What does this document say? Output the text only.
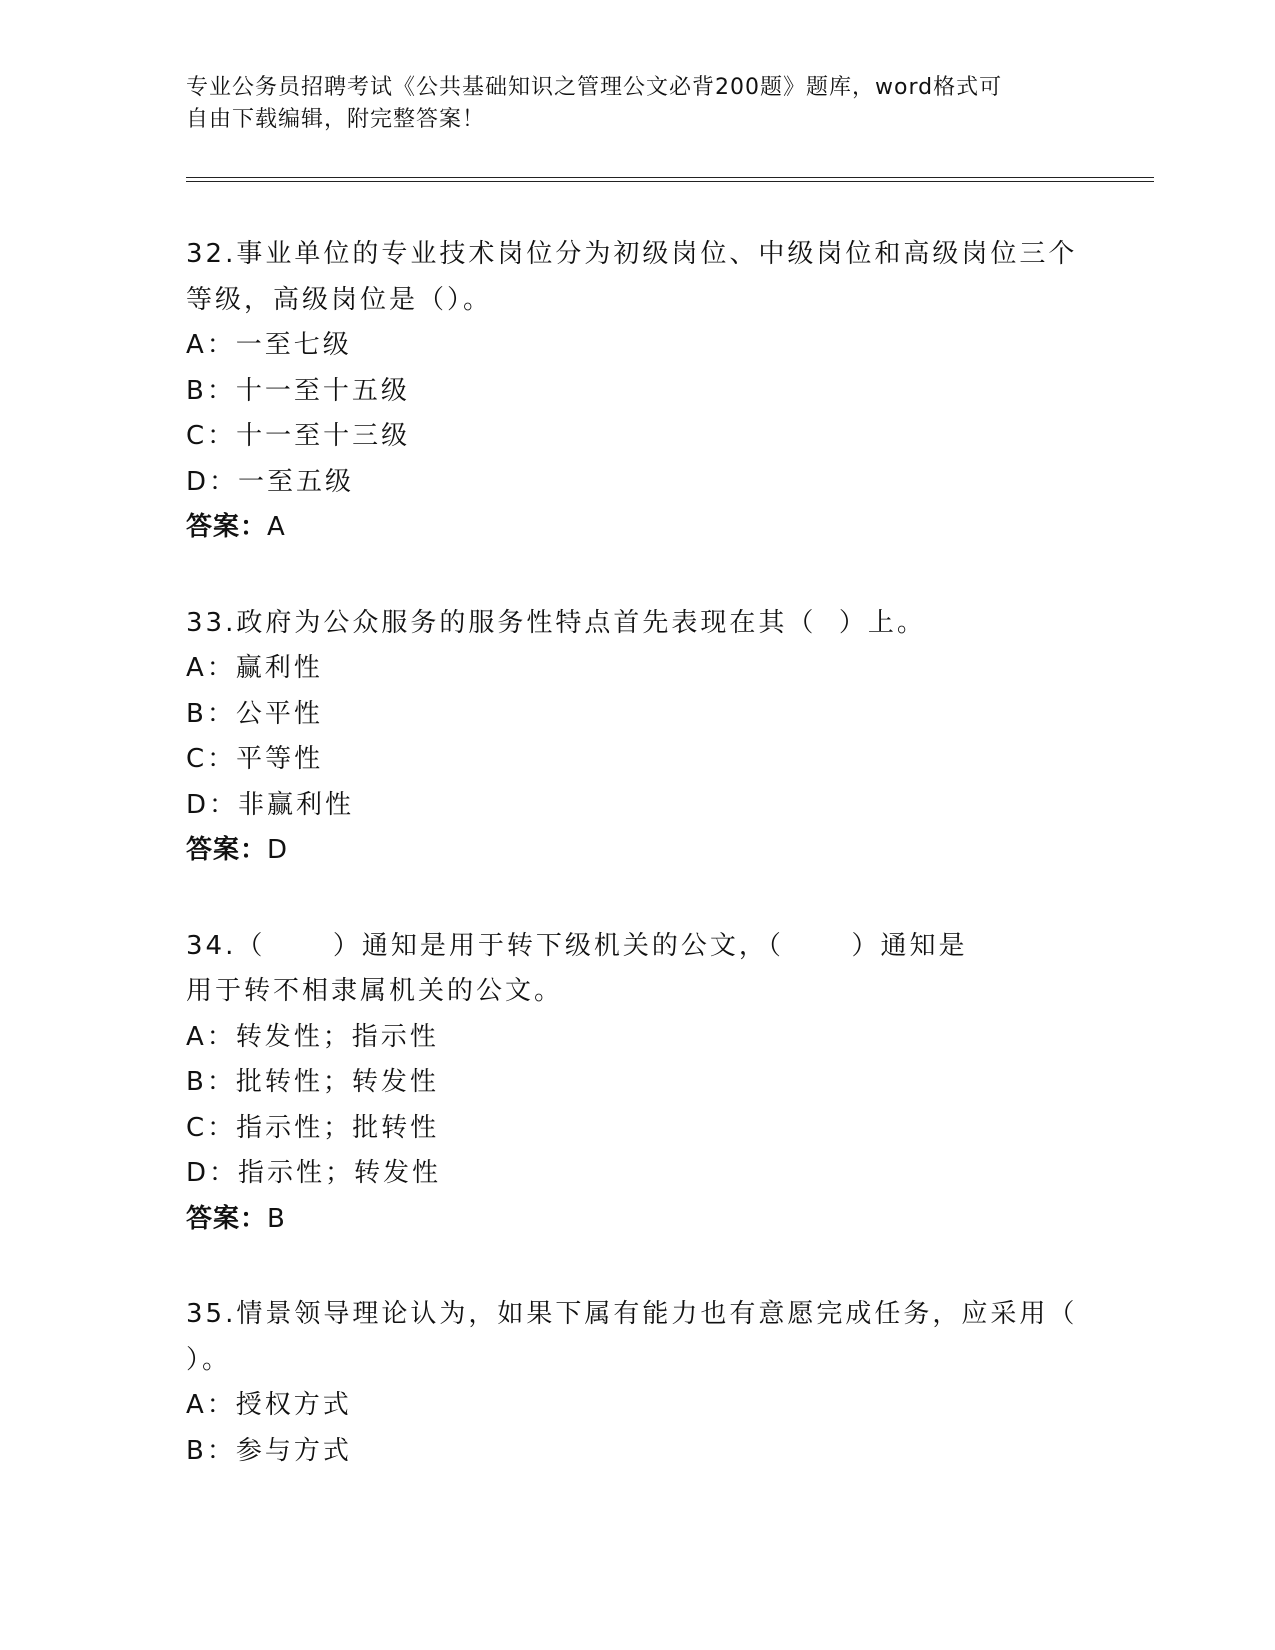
专业公务员招聘考试《公共基础知识之管理公文必背200题》题库，word格式可
自由下载编辑，附完整答案！
32.事业单位的专业技术岗位分为初级岗位、中级岗位和高级岗位三个
等级，高级岗位是（）。
A：一至七级
B：十一至十五级
C：十一至十三级
D：一至五级
答案：A
33.政府为公众服务的服务性特点首先表现在其（  ）上。
A：赢利性
B：公平性
C：平等性
D：非赢利性
答案：D
34.（      ）通知是用于转下级机关的公文，（      ）通知是
用于转不相隶属机关的公文。
A：转发性；指示性
B：批转性；转发性
C：指示性；批转性
D：指示性；转发性
答案：B
35.情景领导理论认为，如果下属有能力也有意愿完成任务，应采用（
）。
A：授权方式
B：参与方式
